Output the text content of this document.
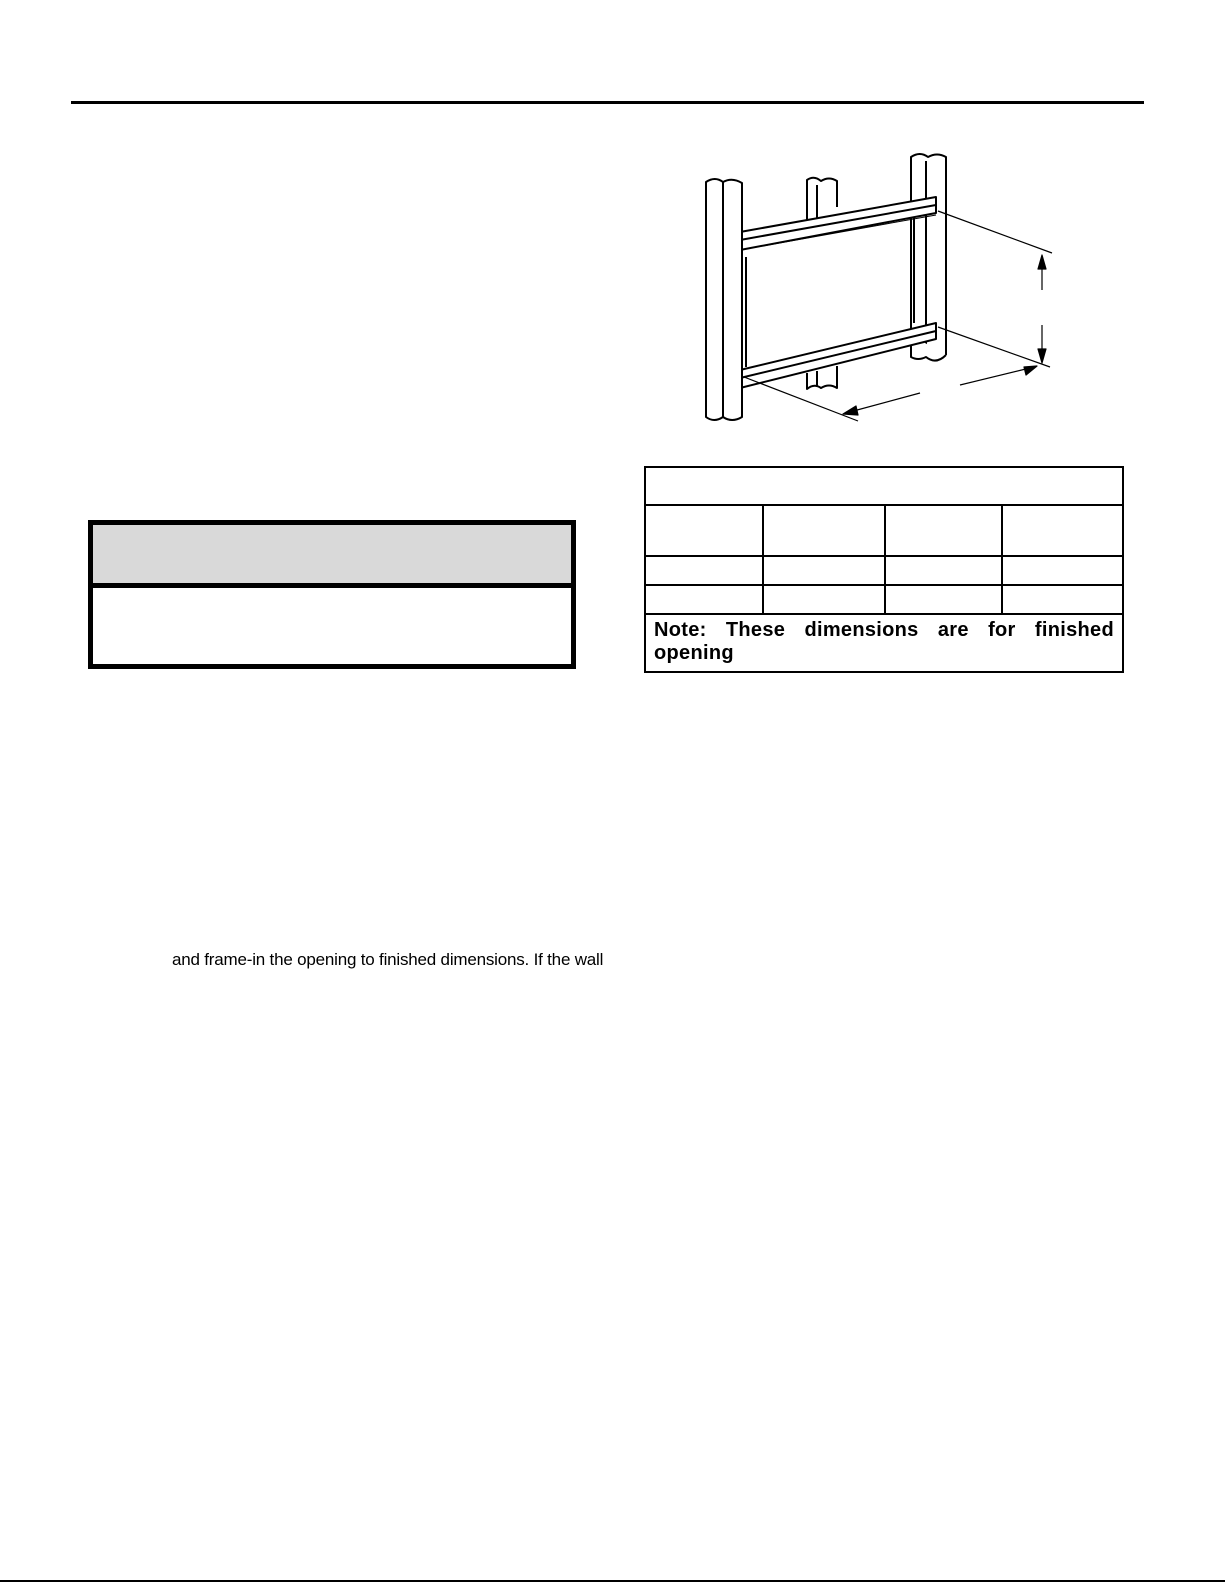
Note: These dimensions are for finished opening			
and frame-in the opening to finished dimensions. If the wall
